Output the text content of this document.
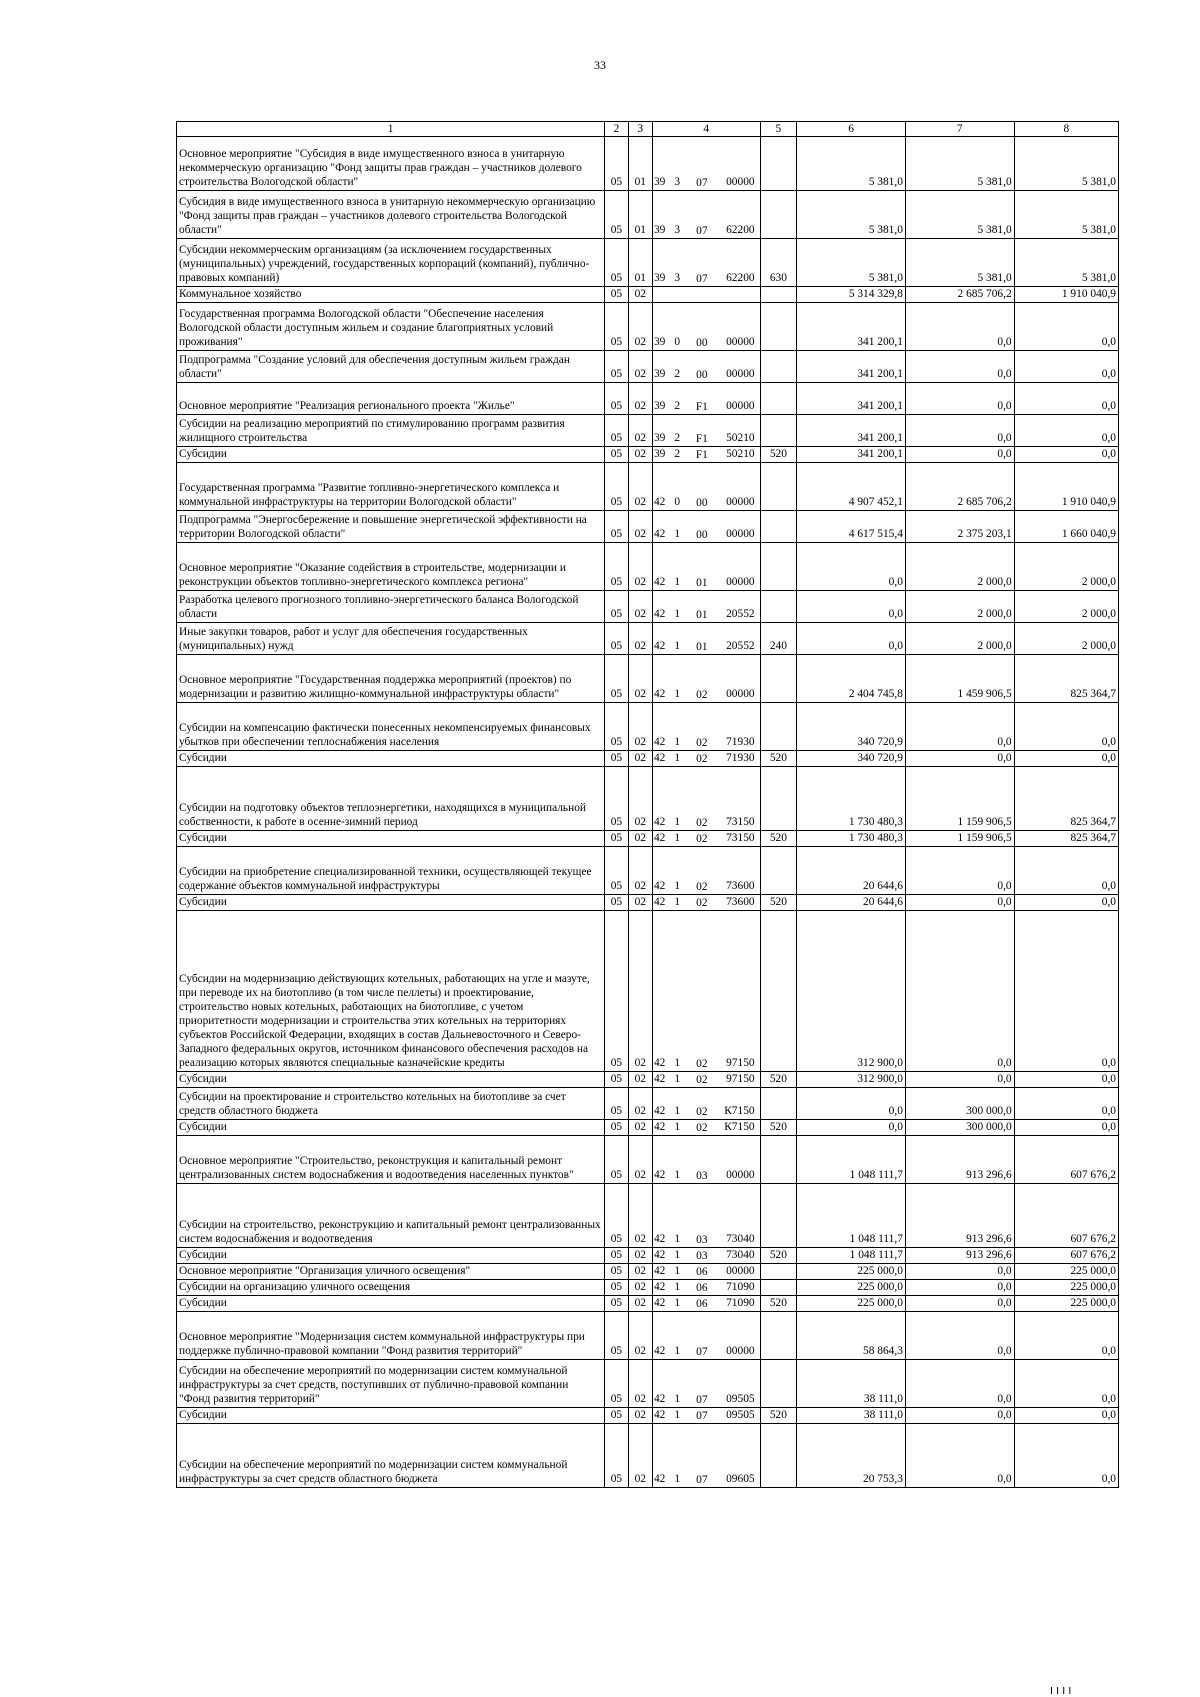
33
1	2	3	4				5	6	7	8
Основное мероприятие "Субсидия в виде имущественного взноса в унитарную некоммерческую организацию "Фонд защиты прав граждан – участников долевого строительства Вологодской области"	05	01	39	3	07	00000		5 381,0	5 381,0	5 381,0
Субсидия в виде имущественного взноса в унитарную некоммерческую организацию "Фонд защиты прав граждан – участников долевого строительства Вологодской области"	05	01	39	3	07	62200		5 381,0	5 381,0	5 381,0
Субсидии некоммерческим организациям (за исключением государственных (муниципальных) учреждений, государственных корпораций (компаний), публично-правовых компаний)	05	01	39	3	07	62200	630	5 381,0	5 381,0	5 381,0
Коммунальное хозяйство	05	02						5 314 329,8	2 685 706,2	1 910 040,9
Государственная программа Вологодской области "Обеспечение населения Вологодской области доступным жильем и создание благоприятных условий проживания"	05	02	39	0	00	00000		341 200,1	0,0	0,0
Подпрограмма "Создание условий для обеспечения доступным жильем граждан области"	05	02	39	2	00	00000		341 200,1	0,0	0,0
Основное мероприятие "Реализация регионального проекта "Жилье"	05	02	39	2	F1	00000		341 200,1	0,0	0,0
Субсидии на реализацию мероприятий по стимулированию программ развития жилищного строительства	05	02	39	2	F1	50210		341 200,1	0,0	0,0
Субсидии	05	02	39	2	F1	50210	520	341 200,1	0,0	0,0
Государственная программа "Развитие топливно-энергетического комплекса и коммунальной инфраструктуры на территории Вологодской области"	05	02	42	0	00	00000		4 907 452,1	2 685 706,2	1 910 040,9
Подпрограмма "Энергосбережение и повышение энергетической эффективности на территории Вологодской области"	05	02	42	1	00	00000		4 617 515,4	2 375 203,1	1 660 040,9
Основное мероприятие "Оказание содействия в строительстве, модернизации и реконструкции объектов топливно-энергетического комплекса региона"	05	02	42	1	01	00000		0,0	2 000,0	2 000,0
Разработка целевого прогнозного топливно-энергетического баланса Вологодской области	05	02	42	1	01	20552		0,0	2 000,0	2 000,0
Иные закупки товаров, работ и услуг для обеспечения государственных (муниципальных) нужд	05	02	42	1	01	20552	240	0,0	2 000,0	2 000,0
Основное мероприятие "Государственная поддержка мероприятий (проектов) по модернизации и развитию жилищно-коммунальной инфраструктуры области"	05	02	42	1	02	00000		2 404 745,8	1 459 906,5	825 364,7
Субсидии на компенсацию фактически понесенных некомпенсируемых финансовых убытков при обеспечении теплоснабжения населения	05	02	42	1	02	71930		340 720,9	0,0	0,0
Субсидии	05	02	42	1	02	71930	520	340 720,9	0,0	0,0
Субсидии на подготовку объектов теплоэнергетики, находящихся в муниципальной собственности, к работе в осенне-зимний период	05	02	42	1	02	73150		1 730 480,3	1 159 906,5	825 364,7
Субсидии	05	02	42	1	02	73150	520	1 730 480,3	1 159 906,5	825 364,7
Субсидии на приобретение специализированной техники, осуществляющей текущее содержание объектов коммунальной инфраструктуры	05	02	42	1	02	73600		20 644,6	0,0	0,0
Субсидии	05	02	42	1	02	73600	520	20 644,6	0,0	0,0
Субсидии на модернизацию действующих котельных, работающих на угле и мазуте, при переводе их на биотопливо (в том числе пеллеты) и проектирование, строительство новых котельных, работающих на биотопливе, с учетом приоритетности модернизации и строительства этих котельных на территориях субъектов Российской Федерации, входящих в состав Дальневосточного и Северо-Западного федеральных округов, источником финансового обеспечения расходов на реализацию которых являются специальные казначейские кредиты	05	02	42	1	02	97150		312 900,0	0,0	0,0
Субсидии	05	02	42	1	02	97150	520	312 900,0	0,0	0,0
Субсидии на проектирование и строительство котельных на биотопливе за счет средств областного бюджета	05	02	42	1	02	К7150		0,0	300 000,0	0,0
Субсидии	05	02	42	1	02	К7150	520	0,0	300 000,0	0,0
Основное мероприятие "Строительство, реконструкция и капитальный ремонт централизованных систем водоснабжения и водоотведения населенных пунктов"	05	02	42	1	03	00000		1 048 111,7	913 296,6	607 676,2
Субсидии на строительство, реконструкцию и капитальный ремонт централизованных систем водоснабжения и водоотведения	05	02	42	1	03	73040		1 048 111,7	913 296,6	607 676,2
Субсидии	05	02	42	1	03	73040	520	1 048 111,7	913 296,6	607 676,2
Основное мероприятие "Организация уличного освещения"	05	02	42	1	06	00000		225 000,0	0,0	225 000,0
Субсидии на организацию уличного освещения	05	02	42	1	06	71090		225 000,0	0,0	225 000,0
Субсидии	05	02	42	1	06	71090	520	225 000,0	0,0	225 000,0
Основное мероприятие "Модернизация систем коммунальной инфраструктуры при поддержке публично-правовой компании "Фонд развития территорий"	05	02	42	1	07	00000		58 864,3	0,0	0,0
Субсидии на обеспечение мероприятий по модернизации систем коммунальной инфраструктуры за счет средств, поступивших от публично-правовой компании "Фонд развития территорий"	05	02	42	1	07	09505		38 111,0	0,0	0,0
Субсидии	05	02	42	1	07	09505	520	38 111,0	0,0	0,0
Субсидии на обеспечение мероприятий по модернизации систем коммунальной инфраструктуры за счет средств областного бюджета	05	02	42	1	07	09605		20 753,3	0,0	0,0
I I I I
